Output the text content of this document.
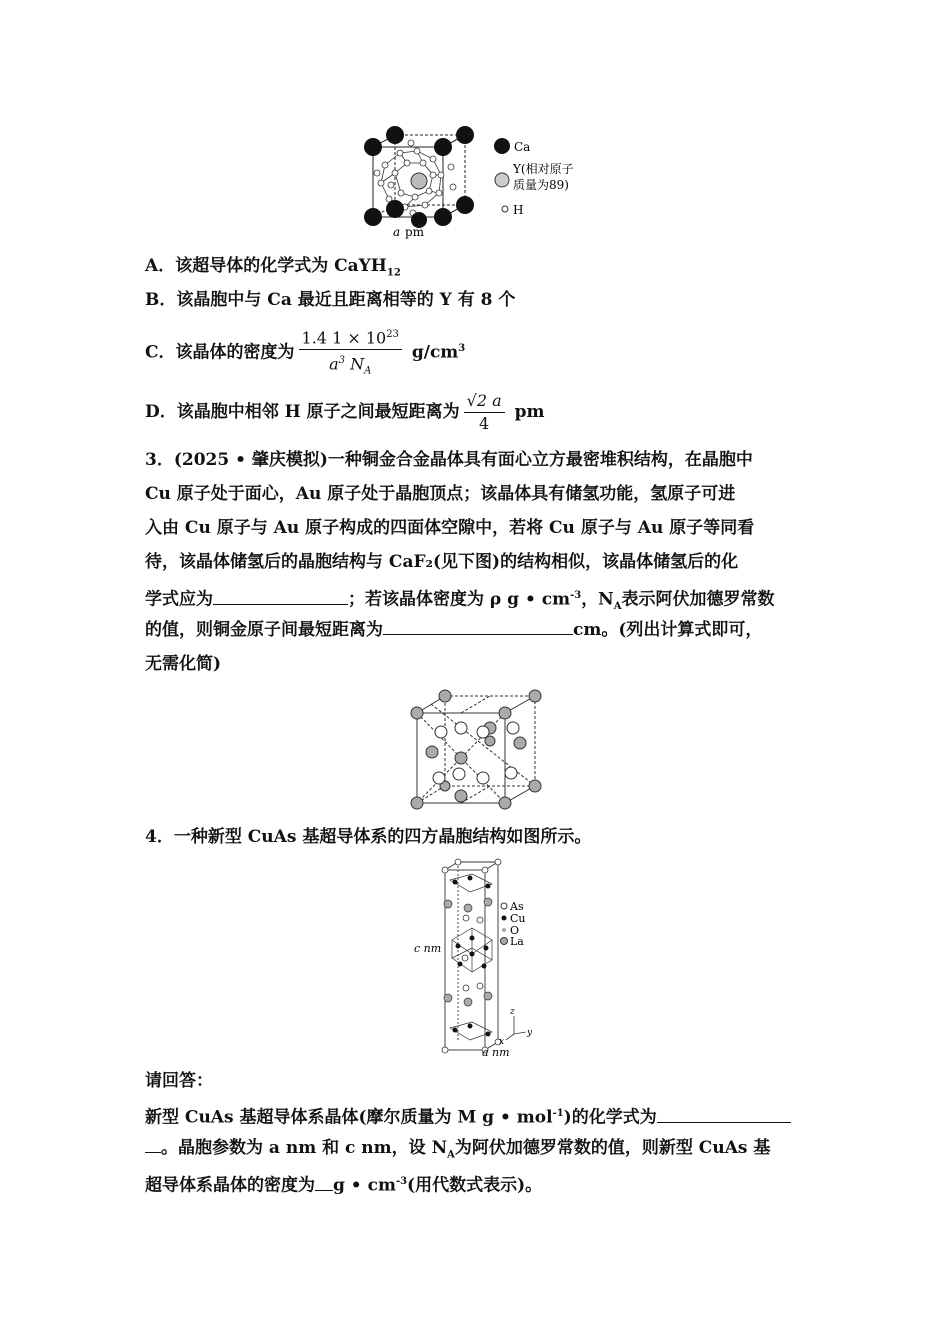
Ca
Y(相对原子
质量为89)
H
a pm
A．该超导体的化学式为 CaYH$_{12}$
B．该晶胞中与 Ca 最近且距离相等的 Y 有 8 个
C．该晶体的密度为 $\frac{1.4 1 \times 10^{23}}{a^3 N_A} g/cm^3$
D．该晶胞中相邻 H 原子之间最短距离为 $\frac{√2 a}{4}$ pm
3．(2025 • 肇庆模拟)一种铜金合金晶体具有面心立方最密堆积结构，在晶胞中
Cu 原子处于面心，Au 原子处于晶胞顶点；该晶体具有储氢功能，氢原子可进
入由 Cu 原子与 Au 原子构成的四面体空隙中，若将 Cu 原子与 Au 原子等同看
待，该晶体储氢后的晶胞结构与 CaF₂(见下图)的结构相似，该晶体储氢后的化
学式应为	；若该晶体密度为 ρ g • $cm^{-3}$，$N_A$表示阿伏加德罗常数
的值，则铜金原子间最短距离为	cm。(列出计算式即可，
无需化简)
4．一种新型 CuAs 基超导体系的四方晶胞结构如图所示。
As
Cu
O
La
c nm
a nm
z
y
x
请回答：
新型 CuAs 基超导体系晶体(摩尔质量为 M g • mol$^{-1}$)的化学式为
。晶胞参数为 a nm 和 c nm，设 $N_A$为阿伏加德罗常数的值，则新型 CuAs 基
超导体系晶体的密度为 g • $cm^{-3}$(用代数式表示)。
